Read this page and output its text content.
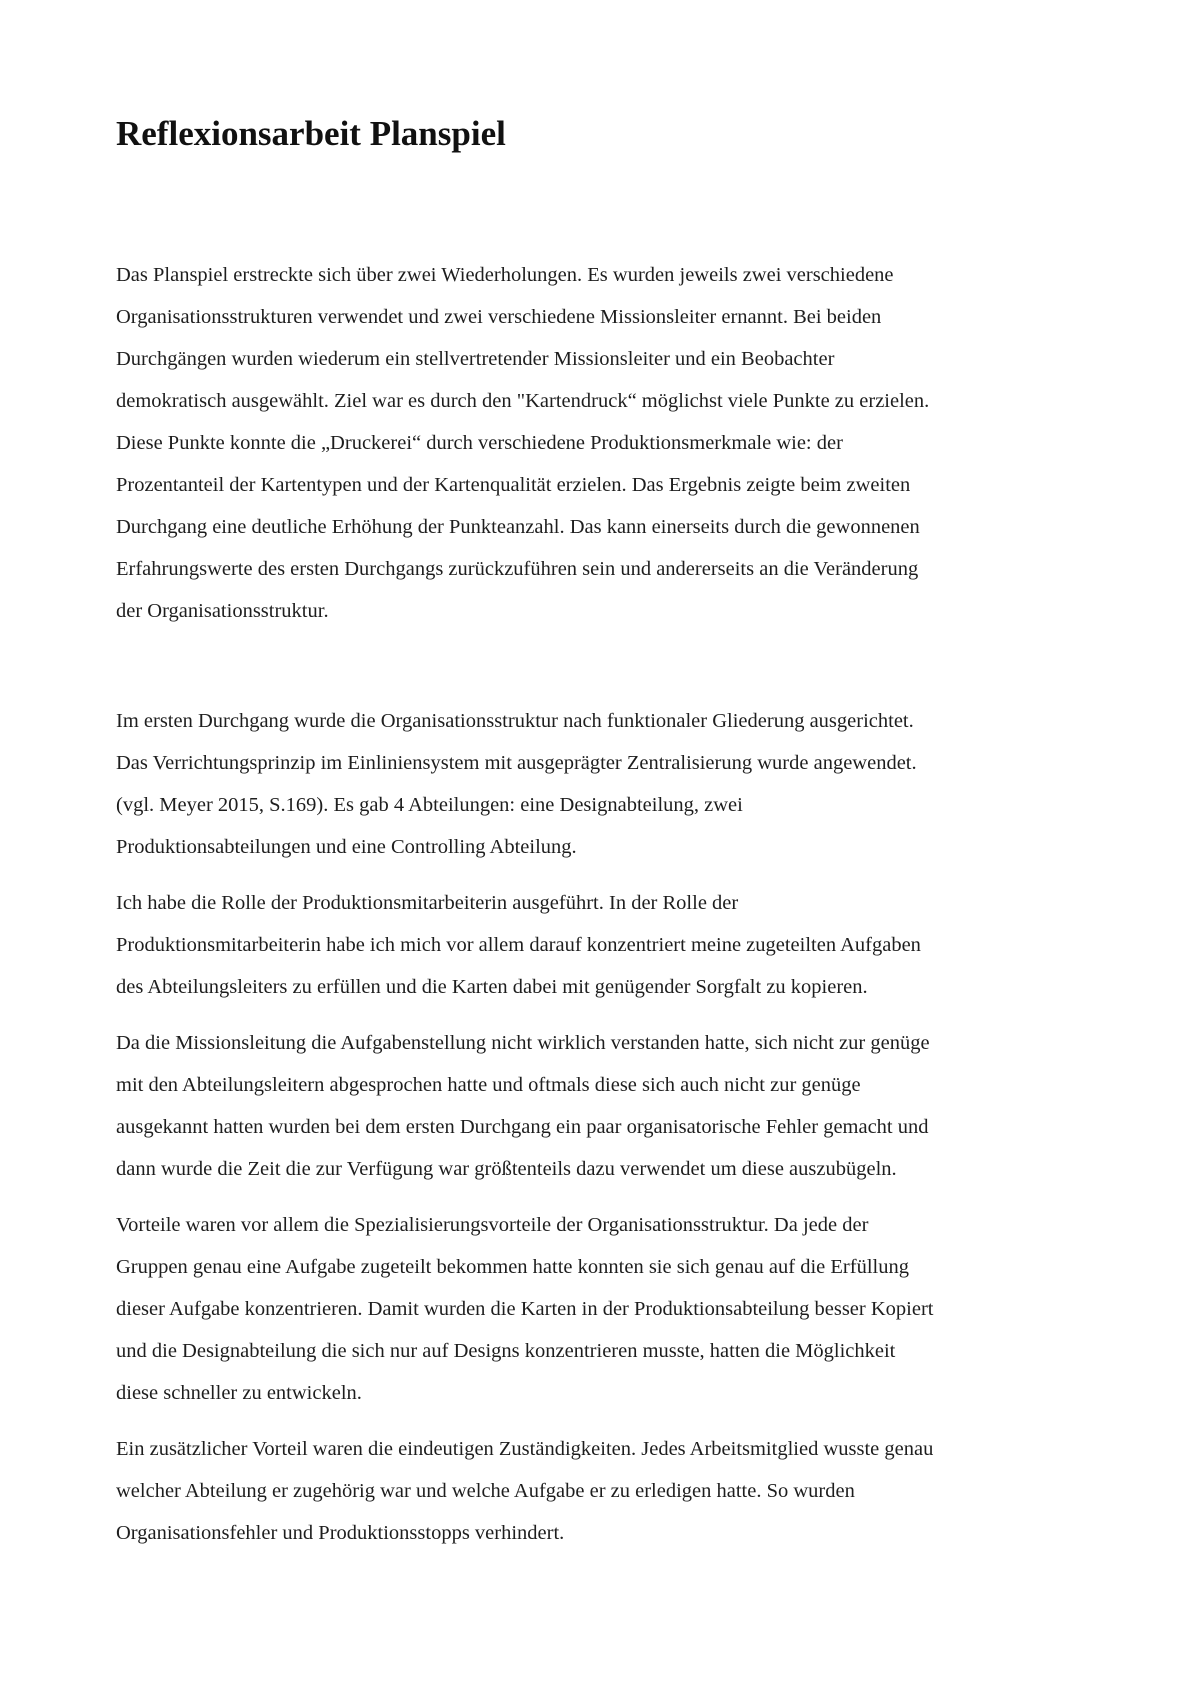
Reflexionsarbeit Planspiel

Das Planspiel erstreckte sich über zwei Wiederholungen. Es wurden jeweils zwei verschiedene
Organisationsstrukturen verwendet und zwei verschiedene Missionsleiter ernannt. Bei beiden
Durchgängen wurden wiederum ein stellvertretender Missionsleiter und ein Beobachter
demokratisch ausgewählt. Ziel war es durch den "Kartendruck“ möglichst viele Punkte zu erzielen.
Diese Punkte konnte die „Druckerei“ durch verschiedene Produktionsmerkmale wie: der
Prozentanteil der Kartentypen und der Kartenqualität erzielen. Das Ergebnis zeigte beim zweiten
Durchgang eine deutliche Erhöhung der Punkteanzahl. Das kann einerseits durch die gewonnenen
Erfahrungswerte des ersten Durchgangs zurückzuführen sein und andererseits an die Veränderung
der Organisationsstruktur.

Im ersten Durchgang wurde die Organisationsstruktur nach funktionaler Gliederung ausgerichtet.
Das Verrichtungsprinzip im Einliniensystem mit ausgeprägter Zentralisierung wurde angewendet.
(vgl. Meyer 2015, S.169). Es gab 4 Abteilungen: eine Designabteilung, zwei
Produktionsabteilungen und eine Controlling Abteilung.

Ich habe die Rolle der Produktionsmitarbeiterin ausgeführt. In der Rolle der
Produktionsmitarbeiterin habe ich mich vor allem darauf konzentriert meine zugeteilten Aufgaben
des Abteilungsleiters zu erfüllen und die Karten dabei mit genügender Sorgfalt zu kopieren.

Da die Missionsleitung die Aufgabenstellung nicht wirklich verstanden hatte, sich nicht zur genüge
mit den Abteilungsleitern abgesprochen hatte und oftmals diese sich auch nicht zur genüge
ausgekannt hatten wurden bei dem ersten Durchgang ein paar organisatorische Fehler gemacht und
dann wurde die Zeit die zur Verfügung war größtenteils dazu verwendet um diese auszubügeln.

Vorteile waren vor allem die Spezialisierungsvorteile der Organisationsstruktur. Da jede der
Gruppen genau eine Aufgabe zugeteilt bekommen hatte konnten sie sich genau auf die Erfüllung
dieser Aufgabe konzentrieren. Damit wurden die Karten in der Produktionsabteilung besser Kopiert
und die Designabteilung die sich nur auf Designs konzentrieren musste, hatten die Möglichkeit
diese schneller zu entwickeln.

Ein zusätzlicher Vorteil waren die eindeutigen Zuständigkeiten. Jedes Arbeitsmitglied wusste genau
welcher Abteilung er zugehörig war und welche Aufgabe er zu erledigen hatte. So wurden
Organisationsfehler und Produktionsstopps verhindert.
